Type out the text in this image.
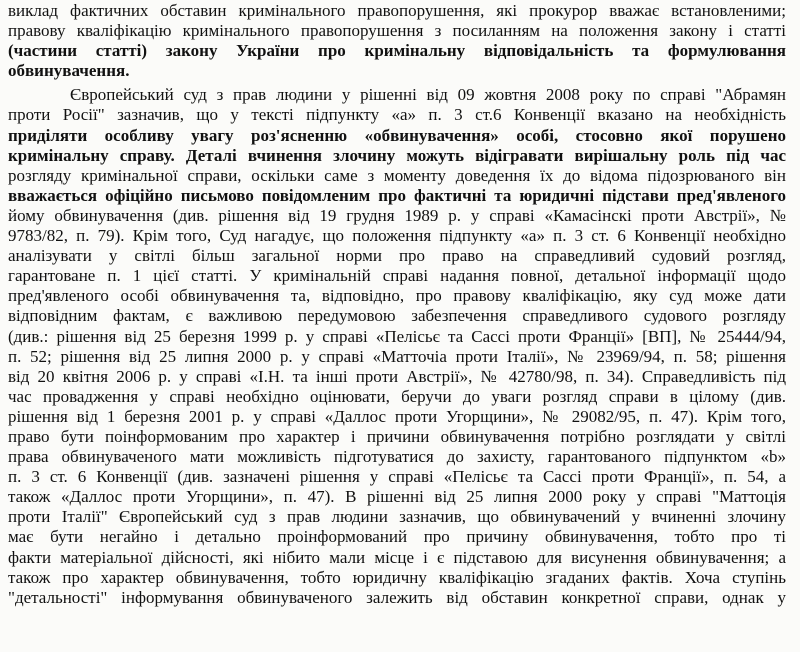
виклад фактичних обставин кримінального правопорушення, які прокурор вважає встановленими;
правову кваліфікацію кримінального правопорушення з посиланням на положення закону і статті
(частини статті) закону України про кримінальну відповідальність та формулювання
обвинувачення.
Європейський суд з прав людини у рішенні від 09 жовтня 2008 року по справі "Абрамян
проти Росії" зазначив, що у тексті підпункту «а» п. 3 ст.6 Конвенції вказано на необхідність
приділяти особливу увагу роз'ясненню «обвинувачення» особі, стосовно якої порушено
кримінальну справу. Деталі вчинення злочину можуть відігравати вирішальну роль під час
розгляду кримінальної справи, оскільки саме з моменту доведення їх до відома підозрюваного він
вважається офіційно письмово повідомленим про фактичні та юридичні підстави пред'явленого
йому обвинувачення (див. рішення від 19 грудня 1989 р. у справі «Камасінскі проти Австрії», №
9783/82, п. 79). Крім того, Суд нагадує, що положення підпункту «а» п. 3 ст. 6 Конвенції необхідно
аналізувати у світлі більш загальної норми про право на справедливий судовий розгляд,
гарантоване п. 1 цієї статті. У кримінальній справі надання повної, детальної інформації щодо
пред'явленого особі обвинувачення та, відповідно, про правову кваліфікацію, яку суд може дати
відповідним фактам, є важливою передумовою забезпечення справедливого судового розгляду
(див.: рішення від 25 березня 1999 р. у справі «Пелісьє та Сассі проти Франції» [ВП], № 25444/94,
п. 52; рішення від 25 липня 2000 р. у справі «Матточіа проти Італії», № 23969/94, п. 58; рішення
від 20 квітня 2006 р. у справі «І.Н. та інші проти Австрії», № 42780/98, п. 34). Справедливість під
час провадження у справі необхідно оцінювати, беручи до уваги розгляд справи в цілому (див.
рішення від 1 березня 2001 р. у справі «Даллос проти Угорщини», № 29082/95, п. 47). Крім того,
право бути поінформованим про характер і причини обвинувачення потрібно розглядати у світлі
права обвинуваченого мати можливість підготуватися до захисту, гарантованого підпунктом «b»
п. 3 ст. 6 Конвенції (див. зазначені рішення у справі «Пелісьє та Сассі проти Франції», п. 54, а
також «Даллос проти Угорщини», п. 47). В рішенні від 25 липня 2000 року у справі "Маттоція
проти Італії" Європейський суд з прав людини зазначив, що обвинувачений у вчиненні злочину
має бути негайно і детально проінформований про причину обвинувачення, тобто про ті
факти матеріальної дійсності, які нібито мали місце і є підставою для висунення обвинувачення; а
також про характер обвинувачення, тобто юридичну кваліфікацію згаданих фактів. Хоча ступінь
"детальності" інформування обвинуваченого залежить від обставин конкретної справи, однак у
